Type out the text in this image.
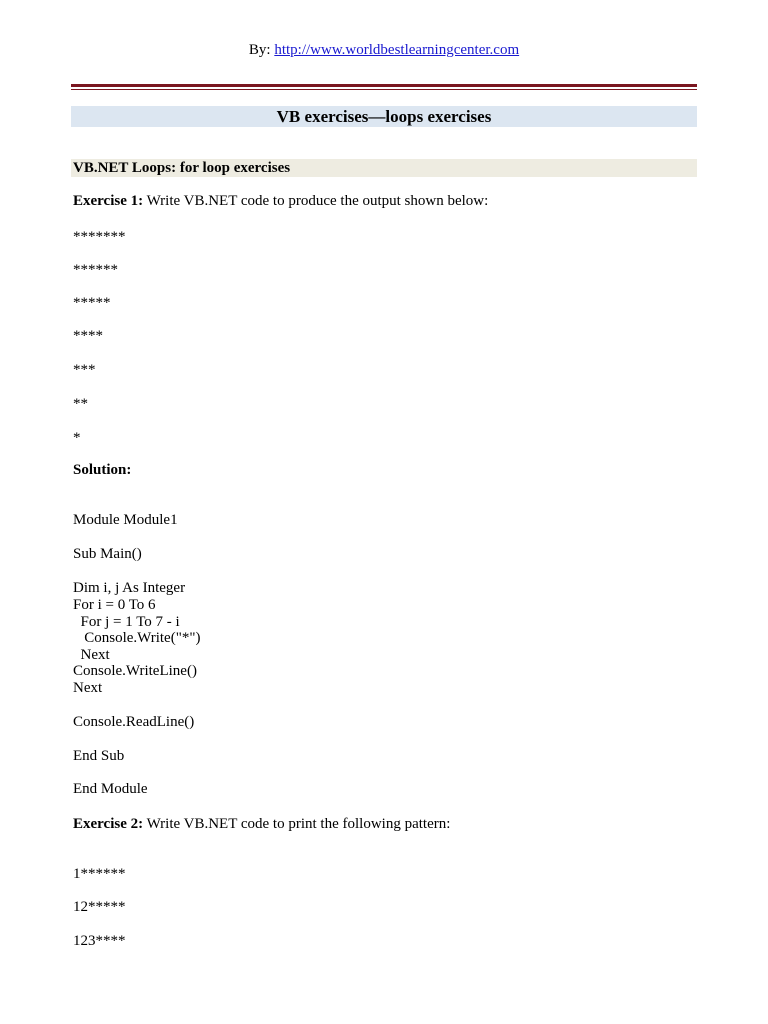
By: http://www.worldbestlearningcenter.com
VB exercises—loops exercises
VB.NET Loops: for loop exercises
Exercise 1: Write VB.NET code to produce the output shown below:
*******
******
*****
****
***
**
*
Solution:
Module Module1
Sub Main()
Dim i, j As Integer
For i = 0 To 6
For j = 1 To 7 - i
Console.Write("*")
Next
Console.WriteLine()
Next
Console.ReadLine()
End Sub
End Module
Exercise 2: Write VB.NET code to print the following pattern:
1******
12*****
123****
